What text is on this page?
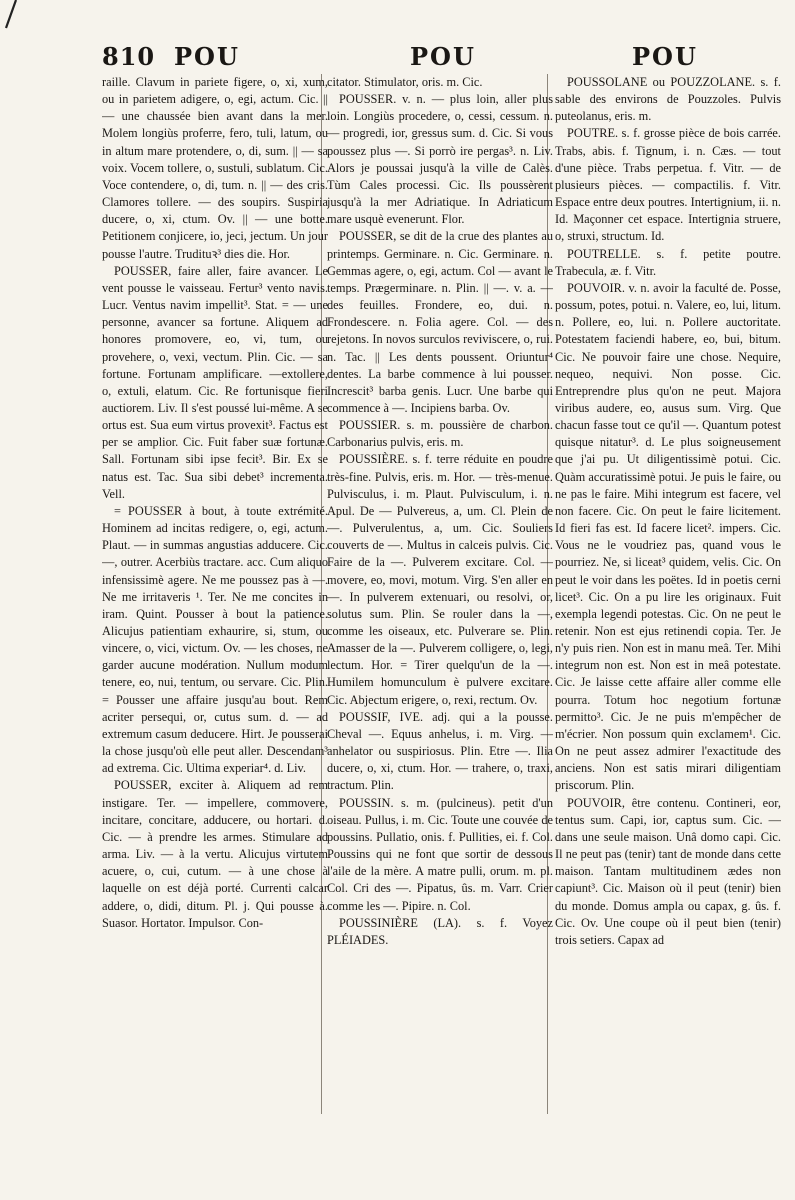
810 POU	POU	POU

raille. Clavum in pariete figere, o, xi, xum, ou in parietem adigere, o, egi, actum. Cic. || — une chaussée bien avant dans la mer. Molem longiùs proferre, fero, tuli, latum, ou in altum mare protendere, o, di, sum. || — sa voix. Vocem tollere, o, sustuli, sublatum. Cic. Voce contendere, o, di, tum. n. || — des cris. Clamores tollere. — des soupirs. Suspiria ducere, o, xi, ctum. Ov. || — une botte. Petitionem conjicere, io, jeci, jectum. Un jour pousse l'autre. Trudituꝛ³ dies die. Hor.

POUSSER, faire aller, faire avancer. Le vent pousse le vaisseau. Fertur³ vento navis. Lucr. Ventus navim impellit³. Stat. = — une personne, avancer sa fortune. Aliquem ad honores promovere, eo, vi, tum, ou provehere, o, vexi, vectum. Plin. Cic. — sa fortune. Fortunam amplificare. —extollere, o, extuli, elatum. Cic. Re fortunisque fieri auctiorem. Liv. Il s'est poussé lui-même. A se ortus est. Sua eum virtus provexit³. Factus est per se amplior. Cic. Fuit faber suæ fortunæ. Sall. Fortunam sibi ipse fecit³. Bir. Ex se natus est. Tac. Sua sibi debet³ incrementa. Vell.

= POUSSER à bout, à toute extrémité. Hominem ad incitas redigere, o, egi, actum. Plaut. — in summas angustias adducere. Cic. —, outrer. Acerbiùs tractare. acc. Cum aliquo infensissimè agere. Ne me poussez pas à —. Ne me irritaveris ¹. Ter. Ne me concites in iram. Quint. Pousser à bout la patience. Alicujus patientiam exhaurire, si, stum, ou vincere, o, vici, victum. Ov. — les choses, ne garder aucune modération. Nullum modum tenere, eo, nui, tentum, ou servare. Cic. Plin. = Pousser une affaire jusqu'au bout. Rem acriter persequi, or, cutus sum. d. — ad extremum casum deducere. Hirt. Je pousserai la chose jusqu'où elle peut aller. Descendam³ ad extrema. Cic. Ultima experiar⁴. d. Liv.

POUSSER, exciter à. Aliquem ad rem instigare. Ter. — impellere, commovere, incitare, concitare, adducere, ou hortari. d. Cic. — à prendre les armes. Stimulare ad arma. Liv. — à la vertu. Alicujus virtutem acuere, o, cui, cutum. — à une chose à laquelle on est déjà porté. Currenti calcar addere, o, didi, ditum. Pl. j. Qui pousse à. Suasor. Hortator. Impulsor. Con-

citator. Stimulator, oris. m. Cic.

POUSSER. v. n. — plus loin, aller plus loin. Longiùs procedere, o, cessi, cessum. n. — progredi, ior, gressus sum. d. Cic. Si vous poussez plus —. Si porrò ire pergas³. n. Liv. Alors je poussai jusqu'à la ville de Calès. Tùm Cales processi. Cic. Ils poussèrent jusqu'à la mer Adriatique. In Adriaticum mare usquè evenerunt. Flor.

POUSSER, se dit de la crue des plantes au printemps. Germinare. n. Cic. Germinare. n. Gemmas agere, o, egi, actum. Col — avant le temps. Prægerminare. n. Plin. || —. v. a. — des feuilles. Frondere, eo, dui. n. Frondescere. n. Folia agere. Col. — des rejetons. In novos surculos reviviscere, o, rui. n. Tac. || Les dents poussent. Oriuntur⁴ dentes. La barbe commence à lui pousser. Increscit³ barba genis. Lucr. Une barbe qui commence à —. Incipiens barba. Ov.

POUSSIER. s. m. poussière de charbon. Carbonarius pulvis, eris. m.

POUSSIÈRE. s. f. terre réduite en poudre très-fine. Pulvis, eris. m. Hor. — très-menue. Pulvisculus, i. m. Plaut. Pulvisculum, i. n. Apul. De — Pulvereus, a, um. Cl. Plein de —. Pulverulentus, a, um. Cic. Souliers couverts de —. Multus in calceis pulvis. Cic. Faire de la —. Pulverem excitare. Col. — movere, eo, movi, motum. Virg. S'en aller en —. In pulverem extenuari, ou resolvi, or, solutus sum. Plin. Se rouler dans la —, comme les oiseaux, etc. Pulverare se. Plin. Amasser de la —. Pulverem colligere, o, legi, lectum. Hor. = Tirer quelqu'un de la —. Humilem homunculum è pulvere excitare. Cic. Abjectum erigere, o, rexi, rectum. Ov.

POUSSIF, IVE. adj. qui a la pousse. Cheval —. Equus anhelus, i. m. Virg. — anhelator ou suspiriosus. Plin. Etre —. Ilia ducere, o, xi, ctum. Hor. — trahere, o, traxi, tractum. Plin.

POUSSIN. s. m. (pulcineus). petit d'un oiseau. Pullus, i. m. Cic. Toute une couvée de poussins. Pullatio, onis. f. Pullities, ei. f. Col. Poussins qui ne font que sortir de dessous l'aile de la mère. A matre pulli, orum. m. pl. Col. Cri des —. Pipatus, ûs. m. Varr. Crier comme les —. Pipire. n. Col.

POUSSINIÈRE (LA). s. f. Voyez PLÉIADES.

POUSSOLANE ou POUZZOLANE. s. f. sable des environs de Pouzzoles. Pulvis puteolanus, eris. m.

POUTRE. s. f. grosse pièce de bois carrée. Trabs, abis. f. Tignum, i. n. Cæs. — tout d'une pièce. Trabs perpetua. f. Vitr. — de plusieurs pièces. — compactilis. f. Vitr. Espace entre deux poutres. Intertignium, ii. n. Id. Maçonner cet espace. Intertignia struere, o, struxi, structum. Id.

POUTRELLE. s. f. petite poutre. Trabecula, æ. f. Vitr.

POUVOIR. v. n. avoir la faculté de. Posse, possum, potes, potui. n. Valere, eo, lui, litum. n. Pollere, eo, lui. n. Pollere auctoritate. Potestatem faciendi habere, eo, bui, bitum. Cic. Ne pouvoir faire une chose. Nequire, nequeo, nequivi. Non posse. Cic. Entreprendre plus qu'on ne peut. Majora viribus audere, eo, ausus sum. Virg. Que chacun fasse tout ce qu'il —. Quantum potest quisque nitatur³. d. Le plus soigneusement que j'ai pu. Ut diligentissimè potui. Cic. Quàm accuratissimè potui. Je puis le faire, ou ne pas le faire. Mihi integrum est facere, vel non facere. Cic. On peut le faire licitement. Id fieri fas est. Id facere licet². impers. Cic. Vous ne le voudriez pas, quand vous le pourriez. Ne, si liceat³ quidem, velis. Cic. On peut le voir dans les poëtes. Id in poetis cerni licet³. Cic. On a pu lire les originaux. Fuit exempla legendi potestas. Cic. On ne peut le retenir. Non est ejus retinendi copia. Ter. Je n'y puis rien. Non est in manu meâ. Ter. Mihi integrum non est. Non est in meâ potestate. Cic. Je laisse cette affaire aller comme elle pourra. Totum hoc negotium fortunæ permitto³. Cic. Je ne puis m'empêcher de m'écrier. Non possum quin exclamem¹. Cic. On ne peut assez admirer l'exactitude des anciens. Non est satis mirari diligentiam priscorum. Plin.

POUVOIR, être contenu. Contineri, eor, tentus sum. Capi, ior, captus sum. Cic. — dans une seule maison. Unâ domo capi. Cic. Il ne peut pas (tenir) tant de monde dans cette maison. Tantam multitudinem ædes non capiunt³. Cic. Maison où il peut (tenir) bien du monde. Domus ampla ou capax, g. ûs. f. Cic. Ov. Une coupe où il peut bien (tenir) trois setiers. Capax ad
